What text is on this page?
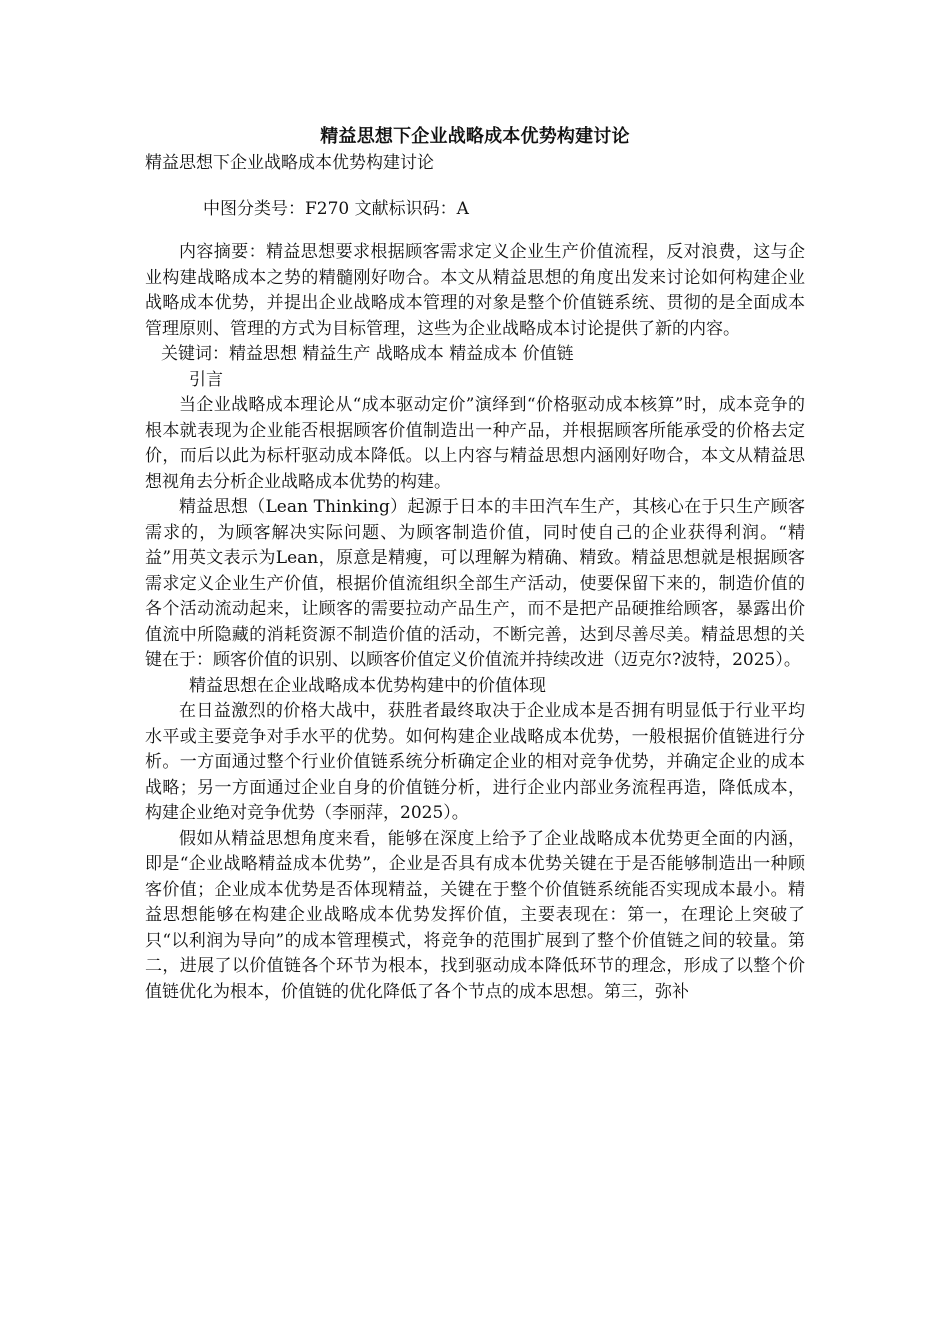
精益思想下企业战略成本优势构建讨论

精益思想下企业战略成本优势构建讨论

中图分类号：F270 文献标识码：A

内容摘要：精益思想要求根据顾客需求定义企业生产价值流程，反对浪费，这与企业构建战略成本之势的精髓刚好吻合。本文从精益思想的角度出发来讨论如何构建企业战略成本优势，并提出企业战略成本管理的对象是整个价值链系统、贯彻的是全面成本管理原则、管理的方式为目标管理，这些为企业战略成本讨论提供了新的内容。

关键词：精益思想 精益生产 战略成本 精益成本 价值链

引言

当企业战略成本理论从“成本驱动定价”演绎到“价格驱动成本核算”时，成本竞争的根本就表现为企业能否根据顾客价值制造出一种产品，并根据顾客所能承受的价格去定价，而后以此为标杆驱动成本降低。以上内容与精益思想内涵刚好吻合，本文从精益思想视角去分析企业战略成本优势的构建。

精益思想（Lean Thinking）起源于日本的丰田汽车生产，其核心在于只生产顾客需求的，为顾客解决实际问题、为顾客制造价值，同时使自己的企业获得利润。“精益”用英文表示为Lean，原意是精瘦，可以理解为精确、精致。精益思想就是根据顾客需求定义企业生产价值，根据价值流组织全部生产活动，使要保留下来的，制造价值的各个活动流动起来，让顾客的需要拉动产品生产，而不是把产品硬推给顾客，暴露出价值流中所隐藏的消耗资源不制造价值的活动，不断完善，达到尽善尽美。精益思想的关键在于：顾客价值的识别、以顾客价值定义价值流并持续改进（迈克尔?波特，2025）。

精益思想在企业战略成本优势构建中的价值体现

在日益激烈的价格大战中，获胜者最终取决于企业成本是否拥有明显低于行业平均水平或主要竞争对手水平的优势。如何构建企业战略成本优势，一般根据价值链进行分析。一方面通过整个行业价值链系统分析确定企业的相对竞争优势，并确定企业的成本战略；另一方面通过企业自身的价值链分析，进行企业内部业务流程再造，降低成本，构建企业绝对竞争优势（李丽萍，2025）。

假如从精益思想角度来看，能够在深度上给予了企业战略成本优势更全面的内涵，即是“企业战略精益成本优势”，企业是否具有成本优势关键在于是否能够制造出一种顾客价值；企业成本优势是否体现精益，关键在于整个价值链系统能否实现成本最小。精益思想能够在构建企业战略成本优势发挥价值，主要表现在：第一，在理论上突破了只“以利润为导向”的成本管理模式，将竞争的范围扩展到了整个价值链之间的较量。第二，进展了以价值链各个环节为根本，找到驱动成本降低环节的理念，形成了以整个价值链优化为根本，价值链的优化降低了各个节点的成本思想。第三，弥补
